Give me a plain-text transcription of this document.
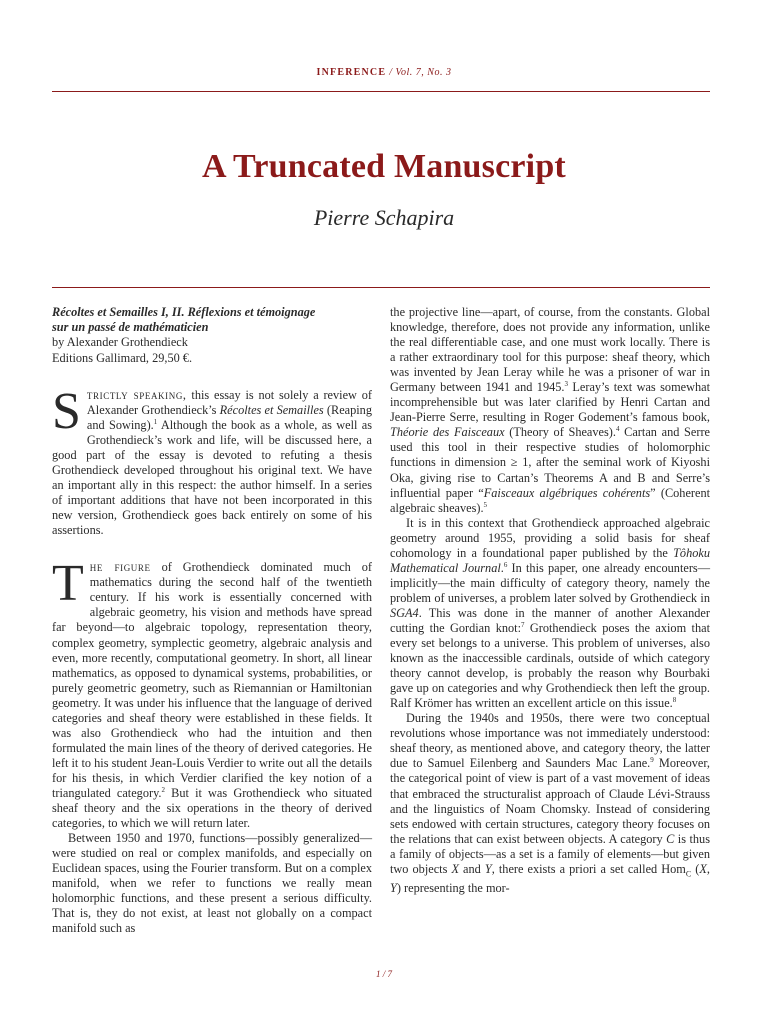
INFERENCE / Vol. 7, No. 3
A Truncated Manuscript
Pierre Schapira

Récoltes et Semailles I, II. Réflexions et témoignage
sur un passé de mathématicien
by Alexander Grothendieck
Editions Gallimard, 29,50 €.

Strictly speaking, this essay is not solely a review of Alexander Grothendieck’s Récoltes et Semailles (Reaping and Sowing).$^1$ Although the book as a whole, as well as Grothendieck’s work and life, will be discussed here, a good part of the essay is devoted to refuting a thesis Grothendieck developed throughout his original text. We have an important ally in this respect: the author himself. In a series of important additions that have not been incorporated in this new version, Grothendieck goes back entirely on some of his assertions.

The figure of Grothendieck dominated much of mathematics during the second half of the twentieth century. If his work is essentially concerned with algebraic geometry, his vision and methods have spread far beyond—to algebraic topology, representation theory, complex geometry, symplectic geometry, algebraic analysis and even, more recently, computational geometry. In short, all linear mathematics, as opposed to dynamical systems, probabilities, or purely geometric geometry, such as Riemannian or Hamiltonian geometry. It was under his influence that the language of derived categories and sheaf theory were established in these fields. It was also Grothendieck who had the intuition and then formulated the main lines of the theory of derived categories. He left it to his student Jean-Louis Verdier to write out all the details for his thesis, in which Verdier clarified the key notion of a triangulated category.$^2$ But it was Grothendieck who situated sheaf theory and the six operations in the theory of derived categories, to which we will return later.

Between 1950 and 1970, functions—possibly generalized—were studied on real or complex manifolds, and especially on Euclidean spaces, using the Fourier transform. But on a complex manifold, when we refer to functions we really mean holomorphic functions, and these present a serious difficulty. That is, they do not exist, at least not globally on a compact manifold such as

the projective line—apart, of course, from the constants. Global knowledge, therefore, does not provide any information, unlike the real differentiable case, and one must work locally. There is a rather extraordinary tool for this purpose: sheaf theory, which was invented by Jean Leray while he was a prisoner of war in Germany between 1941 and 1945.$^3$ Leray’s text was somewhat incomprehensible but was later clarified by Henri Cartan and Jean-Pierre Serre, resulting in Roger Godement’s famous book, Théorie des Faisceaux (Theory of Sheaves).$^4$ Cartan and Serre used this tool in their respective studies of holomorphic functions in dimension ≥ 1, after the seminal work of Kiyoshi Oka, giving rise to Cartan’s Theorems A and B and Serre’s influential paper “Faisceaux algébriques cohérents” (Coherent algebraic sheaves).$^5$

It is in this context that Grothendieck approached algebraic geometry around 1955, providing a solid basis for sheaf cohomology in a foundational paper published by the Tôhoku Mathematical Journal.$^6$ In this paper, one already encounters—implicitly—the main difficulty of category theory, namely the problem of universes, a problem later solved by Grothendieck in SGA4. This was done in the manner of another Alexander cutting the Gordian knot:$^7$ Grothendieck poses the axiom that every set belongs to a universe. This problem of universes, also known as the inaccessible cardinals, outside of which category theory cannot develop, is probably the reason why Bourbaki gave up on categories and why Grothendieck then left the group. Ralf Krömer has written an excellent article on this issue.$^8$

During the 1940s and 1950s, there were two conceptual revolutions whose importance was not immediately understood: sheaf theory, as mentioned above, and category theory, the latter due to Samuel Eilenberg and Saunders Mac Lane.$^9$ Moreover, the categorical point of view is part of a vast movement of ideas that embraced the structuralist approach of Claude Lévi-Strauss and the linguistics of Noam Chomsky. Instead of considering sets endowed with certain structures, category theory focuses on the relations that can exist between objects. A category C is thus a family of objects—as a set is a family of elements—but given two objects X and Y, there exists a priori a set called Hom$_C$ (X, Y) representing the mor-

1 / 7
